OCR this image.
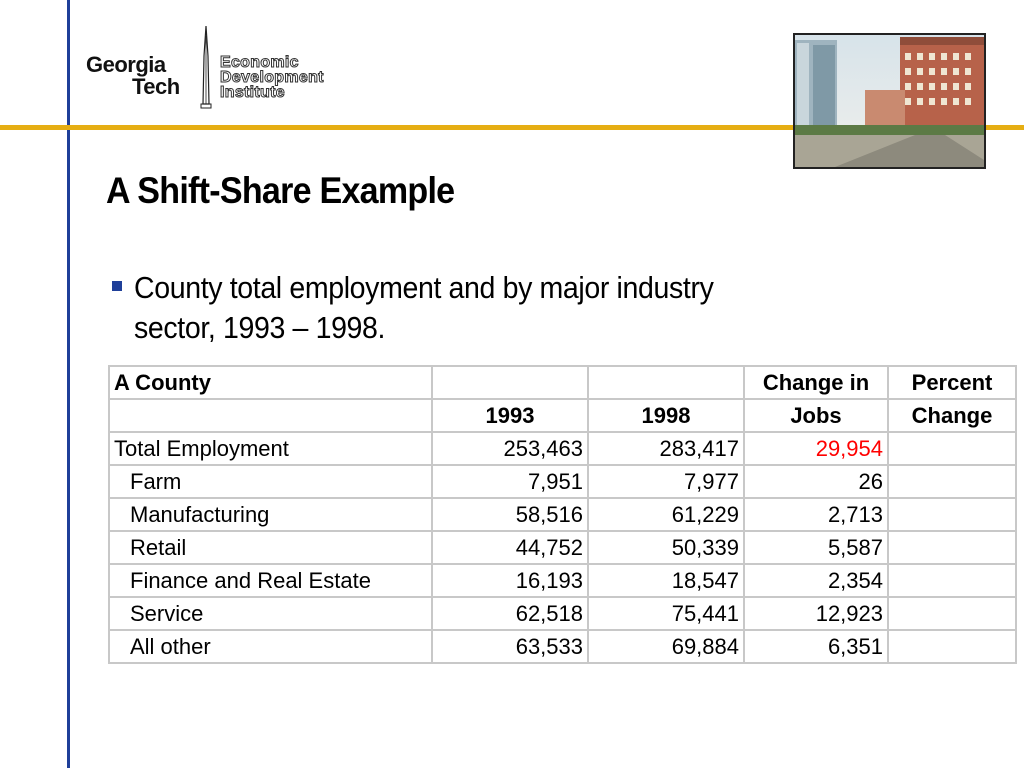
Georgia
Tech
Economic
Development
Institute
A Shift-Share Example
County total employment and by major industry
sector, 1993 – 1998.
A County			Change in	Percent
	1993	1998	Jobs	Change
Total Employment	253,463	283,417	29,954	
Farm	7,951	7,977	26	
Manufacturing	58,516	61,229	2,713	
Retail	44,752	50,339	5,587	
Finance and Real Estate	16,193	18,547	2,354	
Service	62,518	75,441	12,923	
All other	63,533	69,884	6,351	
